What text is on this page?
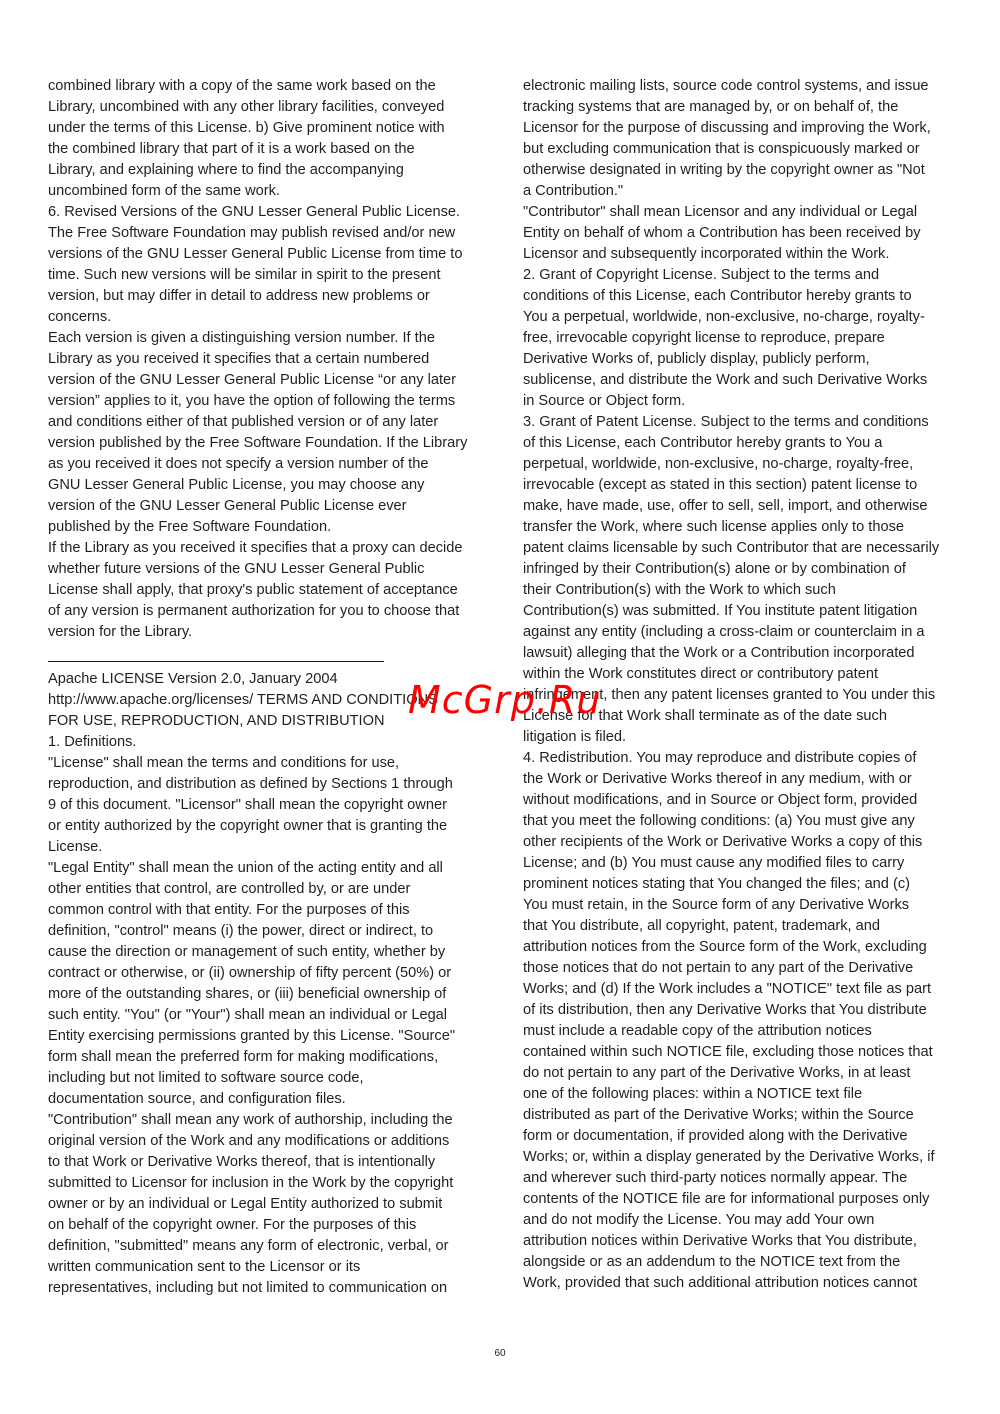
combined library with a copy of the same work based on the
Library, uncombined with any other library facilities, conveyed
under the terms of this License. b) Give prominent notice with
the combined library that part of it is a work based on the
Library, and explaining where to find the accompanying
uncombined form of the same work.

6. Revised Versions of the GNU Lesser General Public License.
The Free Software Foundation may publish revised and/or new
versions of the GNU Lesser General Public License from time to
time. Such new versions will be similar in spirit to the present
version, but may differ in detail to address new problems or
concerns.

Each version is given a distinguishing version number. If the
Library as you received it specifies that a certain numbered
version of the GNU Lesser General Public License “or any later
version” applies to it, you have the option of following the terms
and conditions either of that published version or of any later
version published by the Free Software Foundation. If the Library
as you received it does not specify a version number of the
GNU Lesser General Public License, you may choose any
version of the GNU Lesser General Public License ever
published by the Free Software Foundation.

If the Library as you received it specifies that a proxy can decide
whether future versions of the GNU Lesser General Public
License shall apply, that proxy's public statement of acceptance
of any version is permanent authorization for you to choose that
version for the Library.

Apache LICENSE Version 2.0, January 2004
http://www.apache.org/licenses/ TERMS AND CONDITIONS
FOR USE, REPRODUCTION, AND DISTRIBUTION

1. Definitions.

"License" shall mean the terms and conditions for use,
reproduction, and distribution as defined by Sections 1 through
9 of this document. "Licensor" shall mean the copyright owner
or entity authorized by the copyright owner that is granting the
License.

"Legal Entity" shall mean the union of the acting entity and all
other entities that control, are controlled by, or are under
common control with that entity. For the purposes of this
definition, "control" means (i) the power, direct or indirect, to
cause the direction or management of such entity, whether by
contract or otherwise, or (ii) ownership of fifty percent (50%) or
more of the outstanding shares, or (iii) beneficial ownership of
such entity. "You" (or "Your") shall mean an individual or Legal
Entity exercising permissions granted by this License. "Source"
form shall mean the preferred form for making modifications,
including but not limited to software source code,
documentation source, and configuration files.

"Contribution" shall mean any work of authorship, including the
original version of the Work and any modifications or additions
to that Work or Derivative Works thereof, that is intentionally
submitted to Licensor for inclusion in the Work by the copyright
owner or by an individual or Legal Entity authorized to submit
on behalf of the copyright owner. For the purposes of this
definition, "submitted" means any form of electronic, verbal, or
written communication sent to the Licensor or its
representatives, including but not limited to communication on

electronic mailing lists, source code control systems, and issue
tracking systems that are managed by, or on behalf of, the
Licensor for the purpose of discussing and improving the Work,
but excluding communication that is conspicuously marked or
otherwise designated in writing by the copyright owner as "Not
a Contribution."

"Contributor" shall mean Licensor and any individual or Legal
Entity on behalf of whom a Contribution has been received by
Licensor and subsequently incorporated within the Work.

2. Grant of Copyright License. Subject to the terms and
conditions of this License, each Contributor hereby grants to
You a perpetual, worldwide, non-exclusive, no-charge, royalty-
free, irrevocable copyright license to reproduce, prepare
Derivative Works of, publicly display, publicly perform,
sublicense, and distribute the Work and such Derivative Works
in Source or Object form.

3. Grant of Patent License. Subject to the terms and conditions
of this License, each Contributor hereby grants to You a
perpetual, worldwide, non-exclusive, no-charge, royalty-free,
irrevocable (except as stated in this section) patent license to
make, have made, use, offer to sell, sell, import, and otherwise
transfer the Work, where such license applies only to those
patent claims licensable by such Contributor that are necessarily
infringed by their Contribution(s) alone or by combination of
their Contribution(s) with the Work to which such
Contribution(s) was submitted. If You institute patent litigation
against any entity (including a cross-claim or counterclaim in a
lawsuit) alleging that the Work or a Contribution incorporated
within the Work constitutes direct or contributory patent
infringement, then any patent licenses granted to You under this
License for that Work shall terminate as of the date such
litigation is filed.

4. Redistribution. You may reproduce and distribute copies of
the Work or Derivative Works thereof in any medium, with or
without modifications, and in Source or Object form, provided
that you meet the following conditions: (a) You must give any
other recipients of the Work or Derivative Works a copy of this
License; and (b) You must cause any modified files to carry
prominent notices stating that You changed the files; and (c)
You must retain, in the Source form of any Derivative Works
that You distribute, all copyright, patent, trademark, and
attribution notices from the Source form of the Work, excluding
those notices that do not pertain to any part of the Derivative
Works; and (d) If the Work includes a "NOTICE" text file as part
of its distribution, then any Derivative Works that You distribute
must include a readable copy of the attribution notices
contained within such NOTICE file, excluding those notices that
do not pertain to any part of the Derivative Works, in at least
one of the following places: within a NOTICE text file
distributed as part of the Derivative Works; within the Source
form or documentation, if provided along with the Derivative
Works; or, within a display generated by the Derivative Works, if
and wherever such third-party notices normally appear. The
contents of the NOTICE file are for informational purposes only
and do not modify the License. You may add Your own
attribution notices within Derivative Works that You distribute,
alongside or as an addendum to the NOTICE text from the
Work, provided that such additional attribution notices cannot

McGrp.Ru
60
